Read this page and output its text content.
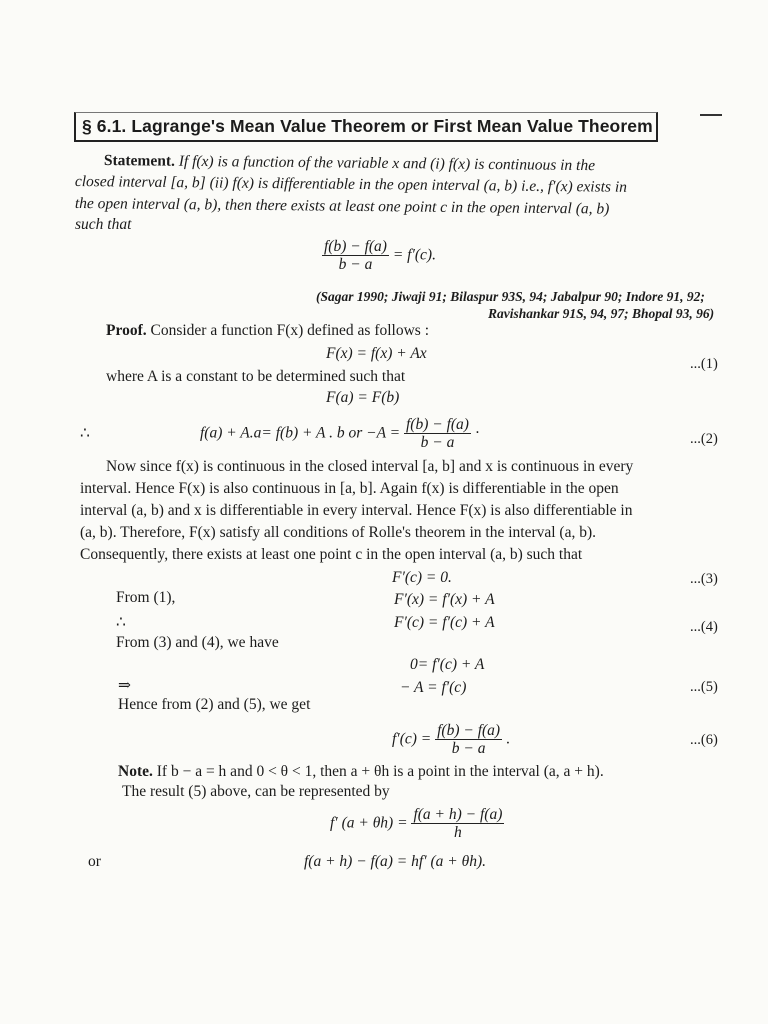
§ 6.1. Lagrange's Mean Value Theorem or First Mean Value Theorem
Statement. If f(x) is a function of the variable x and (i) f(x) is continuous in the
closed interval [a, b] (ii) f(x) is differentiable in the open interval (a, b) i.e., f′(x) exists in
the open interval (a, b), then there exists at least one point c in the open interval (a, b)
such that
$\frac{f(b) - f(a)}{b - a} = f'(c)$.
(Sagar 1990; Jiwaji 91; Bilaspur 93S, 94; Jabalpur 90; Indore 91, 92;
Ravishankar 91S, 94, 97; Bhopal 93, 96)
Proof. Consider a function F(x) defined as follows :
F(x) = f(x) + Ax
...(1)
where A is a constant to be determined such that
F(a) = F(b)
∴	f(a) + A.a= f(b) + A . b or $-A = \frac{f(b) - f(a)}{b - a}$ ·	...(2)
Now since f(x) is continuous in the closed interval [a, b] and x is continuous in every
interval. Hence F(x) is also continuous in [a, b]. Again f(x) is differentiable in the open
interval (a, b) and x is differentiable in every interval. Hence F(x) is also differentiable in
(a, b). Therefore, F(x) satisfy all conditions of Rolle's theorem in the interval (a, b).
Consequently, there exists at least one point c in the open interval (a, b) such that
F′(c) = 0.	...(3)
From (1),	F′(x) = f′(x) + A
∴	F′(c) = f′(c) + A	...(4)
From (3) and (4), we have
0= f′(c) + A
⇒	− A = f′(c)	...(5)
Hence from (2) and (5), we get
$f'(c) = \frac{f(b) - f(a)}{b - a}$ .	...(6)
Note. If b − a = h and 0 < θ < 1, then a + θh is a point in the interval (a, a + h).
The result (5) above, can be represented by
f′ $(a + \theta h) = \frac{f(a + h) - f(a)}{h}$
or	f(a + h) − f(a) = hf′ (a + θh).
